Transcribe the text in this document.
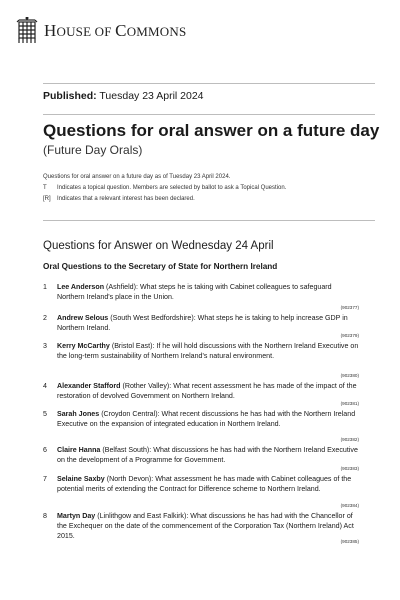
HOUSE OF COMMONS
Published: Tuesday 23 April 2024
Questions for oral answer on a future day
(Future Day Orals)
Questions for oral answer on a future day as of Tuesday 23 April 2024.
T	Indicates a topical question. Members are selected by ballot to ask a Topical Question.
[R]	Indicates that a relevant interest has been declared.
Questions for Answer on Wednesday 24 April
Oral Questions to the Secretary of State for Northern Ireland
1	Lee Anderson (Ashfield): What steps he is taking with Cabinet colleagues to safeguard Northern Ireland's place in the Union.
(902377)
2	Andrew Selous (South West Bedfordshire): What steps he is taking to help increase GDP in Northern Ireland.
(902379)
3	Kerry McCarthy (Bristol East): If he will hold discussions with the Northern Ireland Executive on the long-term sustainability of Northern Ireland's natural environment.
(902380)
4	Alexander Stafford (Rother Valley): What recent assessment he has made of the impact of the restoration of devolved Government on Northern Ireland.
(902381)
5	Sarah Jones (Croydon Central): What recent discussions he has had with the Northern Ireland Executive on the expansion of integrated education in Northern Ireland.
(902382)
6	Claire Hanna (Belfast South): What discussions he has had with the Northern Ireland Executive on the development of a Programme for Government.
(902383)
7	Selaine Saxby (North Devon): What assessment he has made with Cabinet colleagues of the potential merits of extending the Contract for Difference scheme to Northern Ireland.
(902384)
8	Martyn Day (Linlithgow and East Falkirk): What discussions he has had with the Chancellor of the Exchequer on the date of the commencement of the Corporation Tax (Northern Ireland) Act 2015.
(902385)
